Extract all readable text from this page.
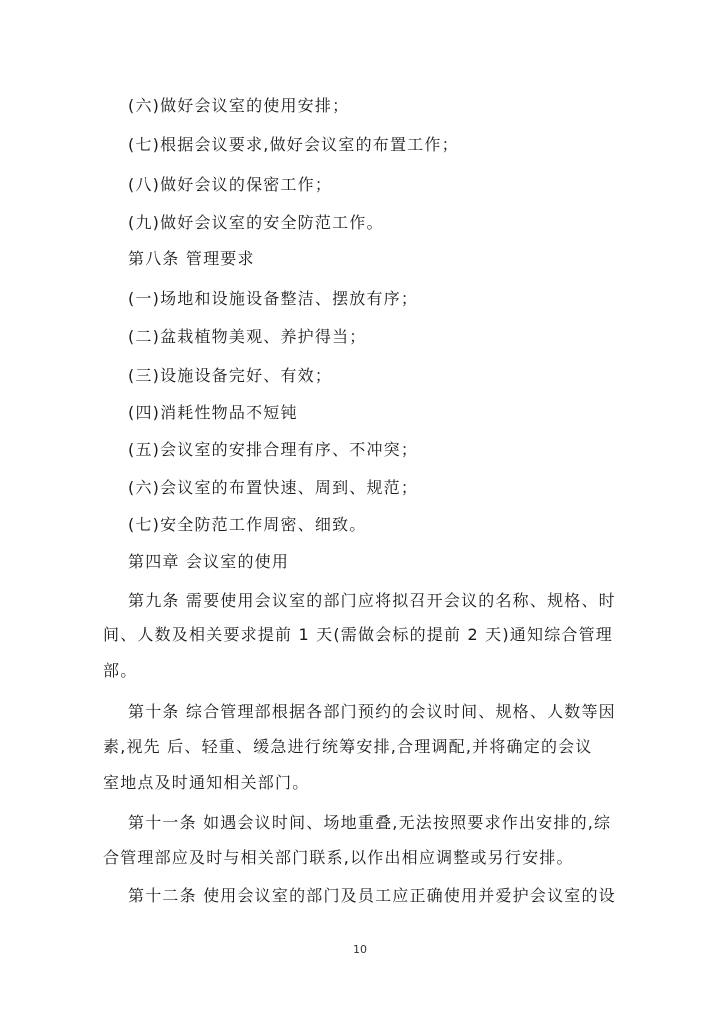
(六)做好会议室的使用安排；
(七)根据会议要求,做好会议室的布置工作；
(八)做好会议的保密工作；
(九)做好会议室的安全防范工作。
第八条 管理要求
(一)场地和设施设备整洁、摆放有序；
(二)盆栽植物美观、养护得当；
(三)设施设备完好、有效；
(四)消耗性物品不短钝
(五)会议室的安排合理有序、不冲突；
(六)会议室的布置快速、周到、规范；
(七)安全防范工作周密、细致。
第四章 会议室的使用
第九条 需要使用会议室的部门应将拟召开会议的名称、规格、时
间、人数及相关要求提前 1 天(需做会标的提前 2 天)通知综合管理
部。
第十条 综合管理部根据各部门预约的会议时间、规格、人数等因
素,视先 后、轻重、缓急进行统筹安排,合理调配,并将确定的会议
室地点及时通知相关部门。
第十一条 如遇会议时间、场地重叠,无法按照要求作出安排的,综
合管理部应及时与相关部门联系,以作出相应调整或另行安排。
第十二条 使用会议室的部门及员工应正确使用并爱护会议室的设
10
